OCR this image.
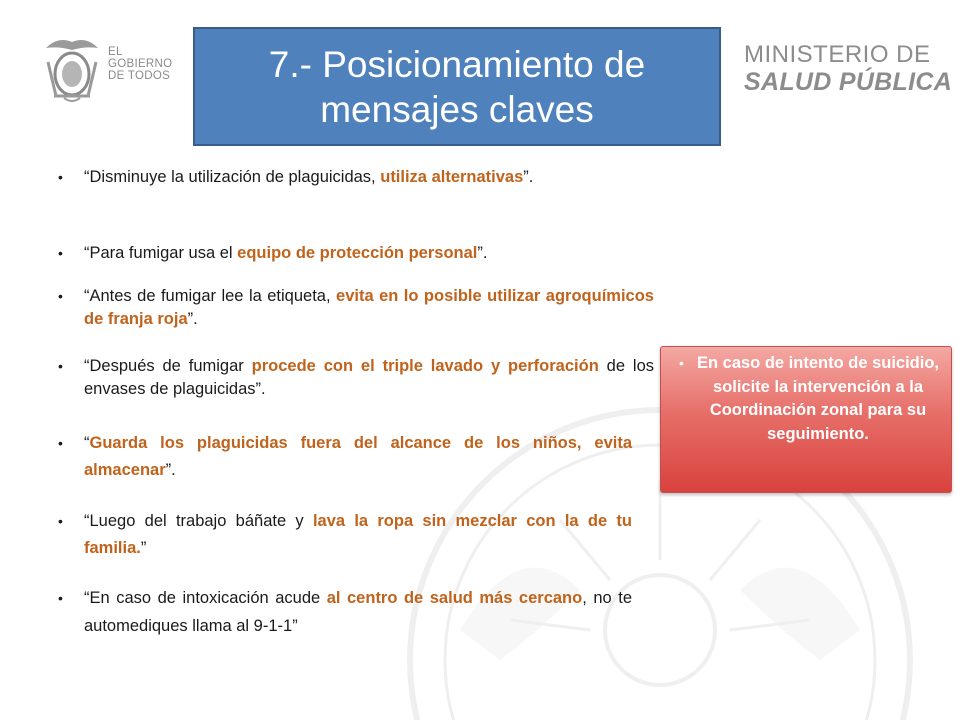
EL
GOBIERNO
DE TODOS
MINISTERIO DE
SALUD PÚBLICA
7.- Posicionamiento de mensajes claves
•	“Disminuye la utilización de plaguicidas, utiliza alternativas”.
•	“Para fumigar usa el equipo de protección personal”.
•	“Antes de fumigar lee la etiqueta, evita en lo posible utilizar agroquímicos de franja roja”.
•	“Después de fumigar procede con el triple lavado y perforación de los envases de plaguicidas”.
•	“Guarda los plaguicidas fuera del alcance de los niños, evita almacenar”.
•	“Luego del trabajo báñate y lava la ropa sin mezclar con la de tu familia.”
•	“En caso de intoxicación acude al centro de salud más cercano, no te automediques llama al 9-1-1”
• En caso de intento de suicidio, solicite la intervención a la Coordinación zonal para su seguimiento.
